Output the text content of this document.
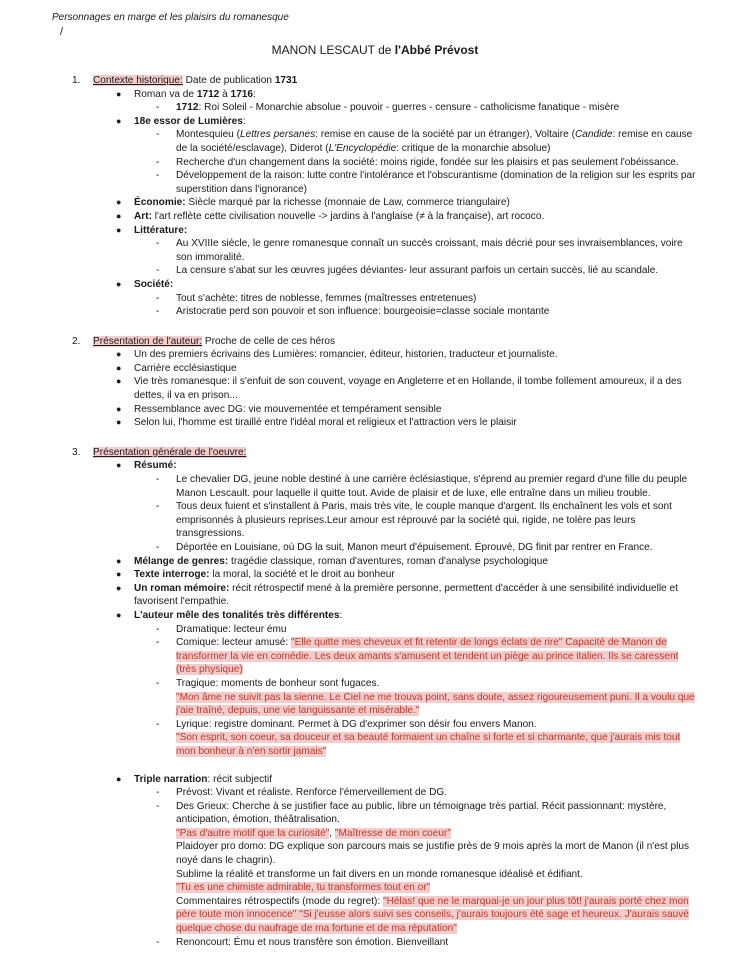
Personnages en marge et les plaisirs du romanesque
/
MANON LESCAUT de l'Abbé Prévost
1. Contexte historique: Date de publication 1731
● Roman va de 1712 à 1716:
- 1712: Roi Soleil - Monarchie absolue - pouvoir - guerres - censure - catholicisme fanatique - misère
● 18e essor de Lumières:
- Montesquieu (Lettres persanes: remise en cause de la société par un étranger), Voltaire (Candide: remise en cause de la société/esclavage), Diderot (L'Encyclopédie: critique de la monarchie absolue)
- Recherche d'un changement dans la société: moins rigide, fondée sur les plaisirs et pas seulement l'obéissance.
- Développement de la raison: lutte contre l'intolérance et l'obscurantisme (domination de la religion sur les esprits par superstition dans l'ignorance)
● Économie: Siècle marqué par la richesse (monnaie de Law, commerce triangulaire)
● Art: l'art reflète cette civilisation nouvelle -> jardins à l'anglaise (≠ à la française), art rococo.
● Littérature:
- Au XVIIIe siècle, le genre romanesque connaît un succès croissant, mais décrié pour ses invraisemblances, voire son immoralité.
- La censure s'abat sur les œuvres jugées déviantes- leur assurant parfois un certain succès, lié au scandale.
● Société:
- Tout s'achète: titres de noblesse, femmes (maîtresses entretenues)
- Aristocratie perd son pouvoir et son influence: bourgeoisie=classe sociale montante
2. Présentation de l'auteur: Proche de celle de ces héros
● Un des premiers écrivains des Lumières: romancier, éditeur, historien, traducteur et journaliste.
● Carrière ecclésiastique
● Vie très romanesque: il s'enfuit de son couvent, voyage en Angleterre et en Hollande, il tombe follement amoureux, il a des dettes, il va en prison...
● Ressemblance avec DG: vie mouvementée et tempérament sensible
● Selon lui, l'homme est tiraillé entre l'idéal moral et religieux et l'attraction vers le plaisir
3. Présentation générale de l'oeuvre:
● Résumé:
- Le chevalier DG, jeune noble destiné à une carrière éclésiastique, s'éprend au premier regard d'une fille du peuple Manon Lescault. pour laquelle il quitte tout. Avide de plaisir et de luxe, elle entraîne dans un milieu trouble.
- Tous deux fuient et s'installent à Paris, mais très vite, le couple manque d'argent. Ils enchaînent les vols et sont emprisonnés à plusieurs reprises.Leur amour est réprouvé par la société qui, rigide, ne tolère pas leurs transgressions.
- Déportée en Louisiane, où DG la suit, Manon meurt d'épuisement. Éprouvé, DG finit par rentrer en France.
● Mélange de genres: tragédie classique, roman d'aventures, roman d'analyse psychologique
● Texte interroge: la moral, la société et le droit au bonheur
● Un roman mémoire: récit rétrospectif mené à la première personne, permettent d'accéder à une sensibilité individuelle et favorisent l'empathie.
● L'auteur mêle des tonalités très différentes:
- Dramatique: lecteur ému
- Comique: lecteur amusé: "Elle quitte mes cheveux et fit retentir de longs éclats de rire" Capacité de Manon de transformer la vie en comédie. Les deux amants s'amusent et tendent un piège au prince italien. Ils se caressent (très physique)
- Tragique: moments de bonheur sont fugaces.
"Mon âme ne suivit pas la sienne. Le Ciel ne me trouva point, sans doute, assez rigoureusement puni. Il a voulu que j'aie traîné, depuis, une vie languissante et misérable."
- Lyrique: registre dominant. Permet à DG d'exprimer son désir fou envers Manon.
"Son esprit, son coeur, sa douceur et sa beauté formaient un chaîne si forte et si charmante, que j'aurais mis tout mon bonheur à n'en sortir jamais"
● Triple narration: récit subjectif
- Prévost: Vivant et réaliste. Renforce l'émerveillement de DG.
- Des Grieux: Cherche à se justifier face au public, libre un témoignage très partial. Récit passionnant: mystère, anticipation, émotion, théâtralisation.
"Pas d'autre motif que la curiosité", "Maîtresse de mon coeur"
Plaidoyer pro domo: DG explique son parcours mais se justifie près de 9 mois après la mort de Manon (il n'est plus noyé dans le chagrin).
Sublime la réalité et transforme un fait divers en un monde romanesque idéalisé et édifiant.
"Tu es une chimiste admirable, tu transformes tout en or"
Commentaires rétrospectifs (mode du regret): "Hélas! que ne le marquai-je un jour plus tôt! j'aurais porté chez mon père toute mon innocence" "Si j'eusse alors suivi ses conseils, j'aurais toujours été sage et heureux. J'aurais sauvé quelque chose du naufrage de ma fortune et de ma réputation"
- Renoncourt: Ému et nous transfère son émotion. Bienveillant
